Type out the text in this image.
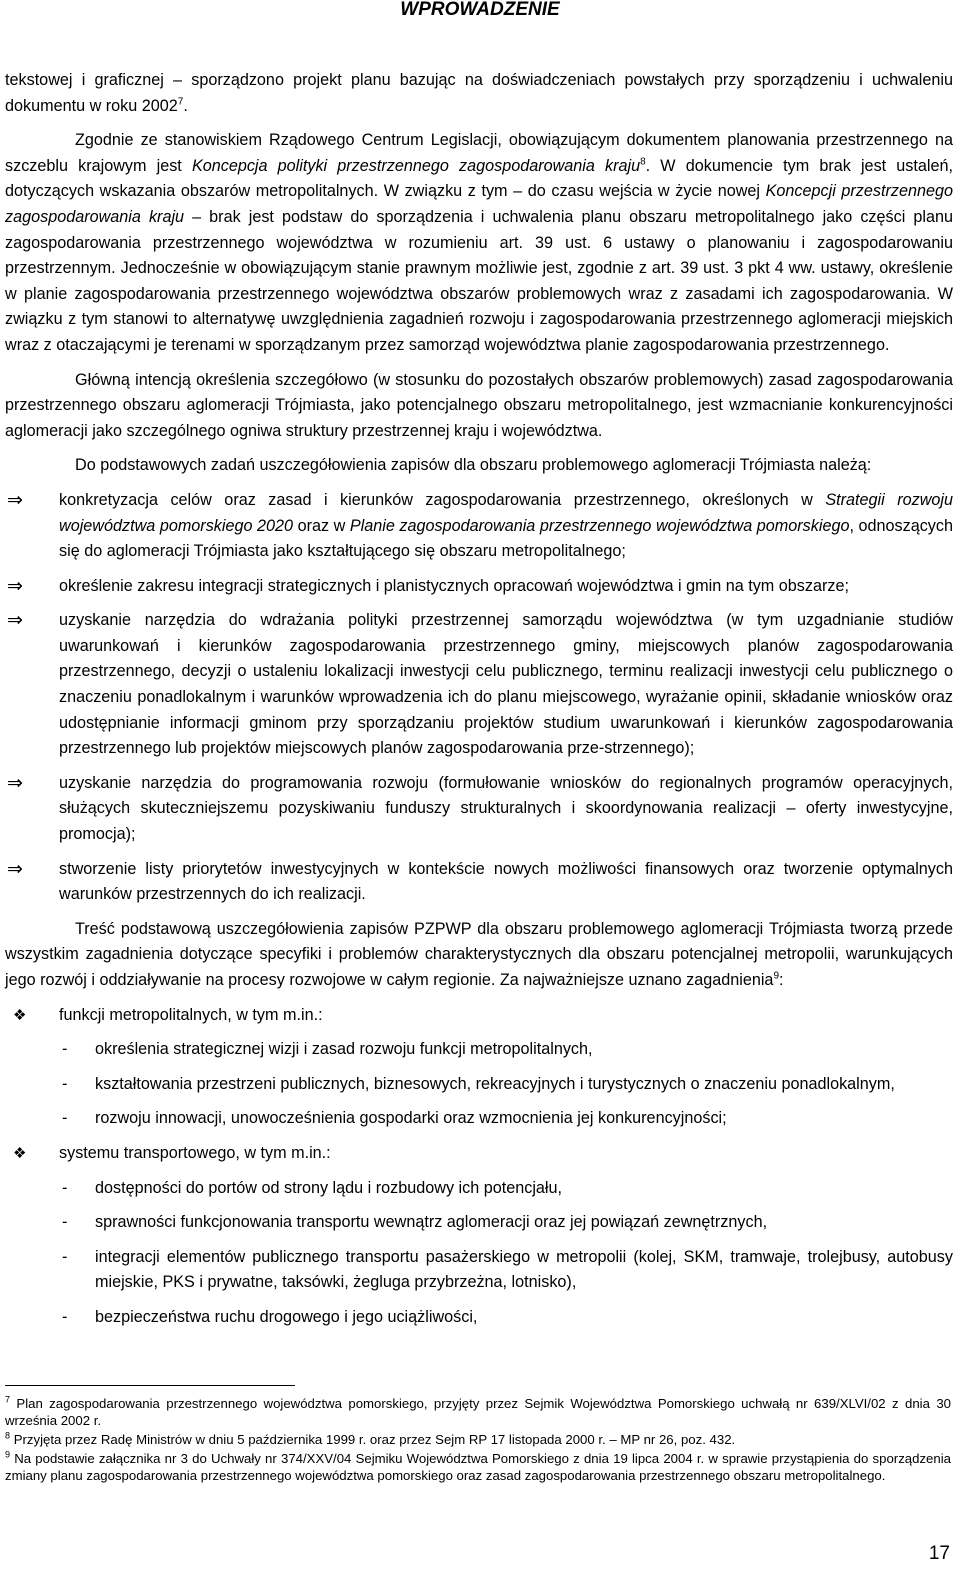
WPROWADZENIE

tekstowej i graficznej – sporządzono projekt planu bazując na doświadczeniach powstałych przy sporządzeniu i uchwaleniu dokumentu w roku 2002$^7$.

Zgodnie ze stanowiskiem Rządowego Centrum Legislacji, obowiązującym dokumentem planowania przestrzennego na szczeblu krajowym jest Koncepcja polityki przestrzennego zagospodarowania kraju$^8$. W dokumencie tym brak jest ustaleń, dotyczących wskazania obszarów metropolitalnych. W związku z tym – do czasu wejścia w życie nowej Koncepcji przestrzennego zagospodarowania kraju – brak jest podstaw do sporządzenia i uchwalenia planu obszaru metropolitalnego jako części planu zagospodarowania przestrzennego województwa w rozumieniu art. 39 ust. 6 ustawy o planowaniu i zagospodarowaniu przestrzennym. Jednocześnie w obowiązującym stanie prawnym możliwie jest, zgodnie z art. 39 ust. 3 pkt 4 ww. ustawy, określenie w planie zagospodarowania przestrzennego województwa obszarów problemowych wraz z zasadami ich zagospodarowania. W związku z tym stanowi to alternatywę uwzględnienia zagadnień rozwoju i zagospodarowania przestrzennego aglomeracji miejskich wraz z otaczającymi je terenami w sporządzanym przez samorząd województwa planie zagospodarowania przestrzennego.

Główną intencją określenia szczegółowo (w stosunku do pozostałych obszarów problemowych) zasad zagospodarowania przestrzennego obszaru aglomeracji Trójmiasta, jako potencjalnego obszaru metropolitalnego, jest wzmacnianie konkurencyjności aglomeracji jako szczególnego ogniwa struktury przestrzennej kraju i województwa.

Do podstawowych zadań uszczegółowienia zapisów dla obszaru problemowego aglomeracji Trójmiasta należą:

⇒ konkretyzacja celów oraz zasad i kierunków zagospodarowania przestrzennego, określonych w Strategii rozwoju województwa pomorskiego 2020 oraz w Planie zagospodarowania przestrzennego województwa pomorskiego, odnoszących się do aglomeracji Trójmiasta jako kształtującego się obszaru metropolitalnego;
⇒ określenie zakresu integracji strategicznych i planistycznych opracowań województwa i gmin na tym obszarze;
⇒ uzyskanie narzędzia do wdrażania polityki przestrzennej samorządu województwa (w tym uzgadnianie studiów uwarunkowań i kierunków zagospodarowania przestrzennego gminy, miejscowych planów zagospodarowania przestrzennego, decyzji o ustaleniu lokalizacji inwestycji celu publicznego, terminu realizacji inwestycji celu publicznego o znaczeniu ponadlokalnym i warunków wprowadzenia ich do planu miejscowego, wyrażanie opinii, składanie wniosków oraz udostępnianie informacji gminom przy sporządzaniu projektów studium uwarunkowań i kierunków zagospodarowania przestrzennego lub projektów miejscowych planów zagospodarowania prze-strzennego);
⇒ uzyskanie narzędzia do programowania rozwoju (formułowanie wniosków do regionalnych programów operacyjnych, służących skuteczniejszemu pozyskiwaniu funduszy strukturalnych i skoordynowania realizacji – oferty inwestycyjne, promocja);
⇒ stworzenie listy priorytetów inwestycyjnych w kontekście nowych możliwości finansowych oraz tworzenie optymalnych warunków przestrzennych do ich realizacji.

Treść podstawową uszczegółowienia zapisów PZPWP dla obszaru problemowego aglomeracji Trójmiasta tworzą przede wszystkim zagadnienia dotyczące specyfiki i problemów charakterystycznych dla obszaru potencjalnej metropolii, warunkujących jego rozwój i oddziaływanie na procesy rozwojowe w całym regionie. Za najważniejsze uznano zagadnienia$^9$:

❖ funkcji metropolitalnych, w tym m.in.:
- określenia strategicznej wizji i zasad rozwoju funkcji metropolitalnych,
- kształtowania przestrzeni publicznych, biznesowych, rekreacyjnych i turystycznych o znaczeniu ponadlokalnym,
- rozwoju innowacji, unowocześnienia gospodarki oraz wzmocnienia jej konkurencyjności;
❖ systemu transportowego, w tym m.in.:
- dostępności do portów od strony lądu i rozbudowy ich potencjału,
- sprawności funkcjonowania transportu wewnątrz aglomeracji oraz jej powiązań zewnętrznych,
- integracji elementów publicznego transportu pasażerskiego w metropolii (kolej, SKM, tramwaje, trolejbusy, autobusy miejskie, PKS i prywatne, taksówki, żegluga przybrzeżna, lotnisko),
- bezpieczeństwa ruchu drogowego i jego uciążliwości,
$^7$ Plan zagospodarowania przestrzennego województwa pomorskiego, przyjęty przez Sejmik Województwa Pomorskiego uchwałą nr 639/XLVI/02 z dnia 30 września 2002 r.
$^8$ Przyjęta przez Radę Ministrów w dniu 5 października 1999 r. oraz przez Sejm RP 17 listopada 2000 r. – MP nr 26, poz. 432.
$^9$ Na podstawie załącznika nr 3 do Uchwały nr 374/XXV/04 Sejmiku Województwa Pomorskiego z dnia 19 lipca 2004 r. w sprawie przystąpienia do sporządzenia zmiany planu zagospodarowania przestrzennego województwa pomorskiego oraz zasad zagospodarowania przestrzennego obszaru metropolitalnego.
17
